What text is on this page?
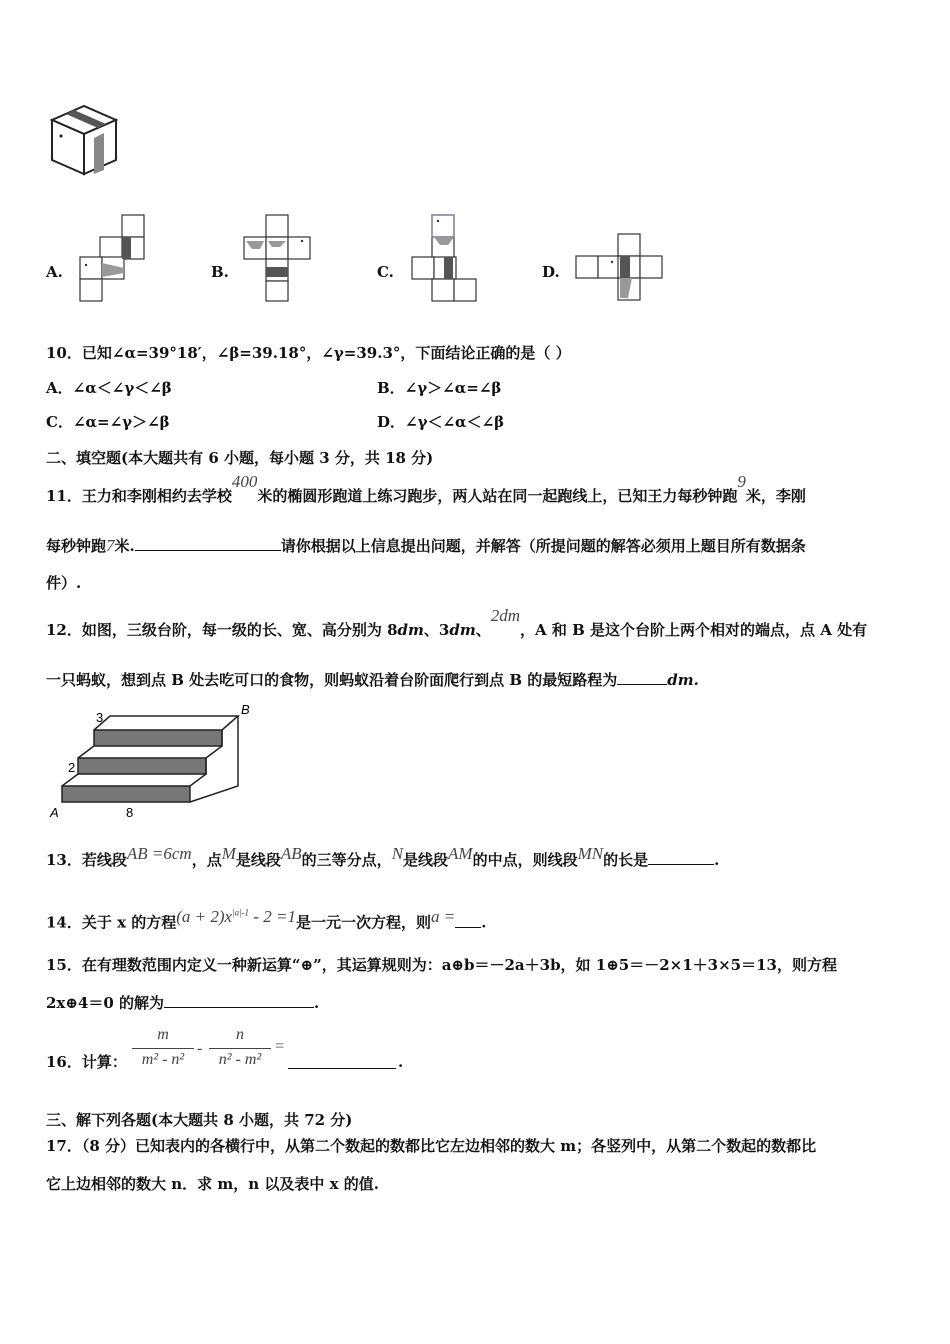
A.	B.	C.	D.
10．已知∠α=39°18′，∠β=39.18°，∠γ=39.3°，下面结论正确的是（ ）
A．∠α＜∠γ＜∠β	B．∠γ＞∠α=∠β
C．∠α=∠γ＞∠β	D．∠γ＜∠α＜∠β
二、填空题(本大题共有 6 小题，每小题 3 分，共 18 分)
11．王力和李刚相约去学校400米的椭圆形跑道上练习跑步，两人站在同一起跑线上，已知王力每秒钟跑9米，李刚
每秒钟跑7米.	请你根据以上信息提出问题，并解答（所提问题的解答必须用上题目所有数据条
件）.
12．如图，三级台阶，每一级的长、宽、高分别为 8dm、3dm、2dm，A 和 B 是这个台阶上两个相对的端点，点 A 处有
一只蚂蚁，想到点 B 处去吃可口的食物，则蚂蚁沿着台阶面爬行到点 B 的最短路程为	dm.
3
2
A
B
8
13．若线段AB =6cm，点M是线段AB的三等分点，N是线段AM的中点，则线段MN的长是	.
14．关于 x 的方程$(a + 2)x^{|a|-1} - 2 =1$是一元一次方程，则a = .
15．在有理数范围内定义一种新运算“⊕”，其运算规则为：a⊕b＝－2a＋3b，如 1⊕5＝－2×1＋3×5＝13，则方程
2x⊕4＝0 的解为	.
16．计算：
m
m² - n²
-
n
n² - m²
=
.
三、解下列各题(本大题共 8 小题，共 72 分)
17．（8 分）已知表内的各横行中，从第二个数起的数都比它左边相邻的数大 m；各竖列中，从第二个数起的数都比
它上边相邻的数大 n．求 m，n 以及表中 x 的值.
